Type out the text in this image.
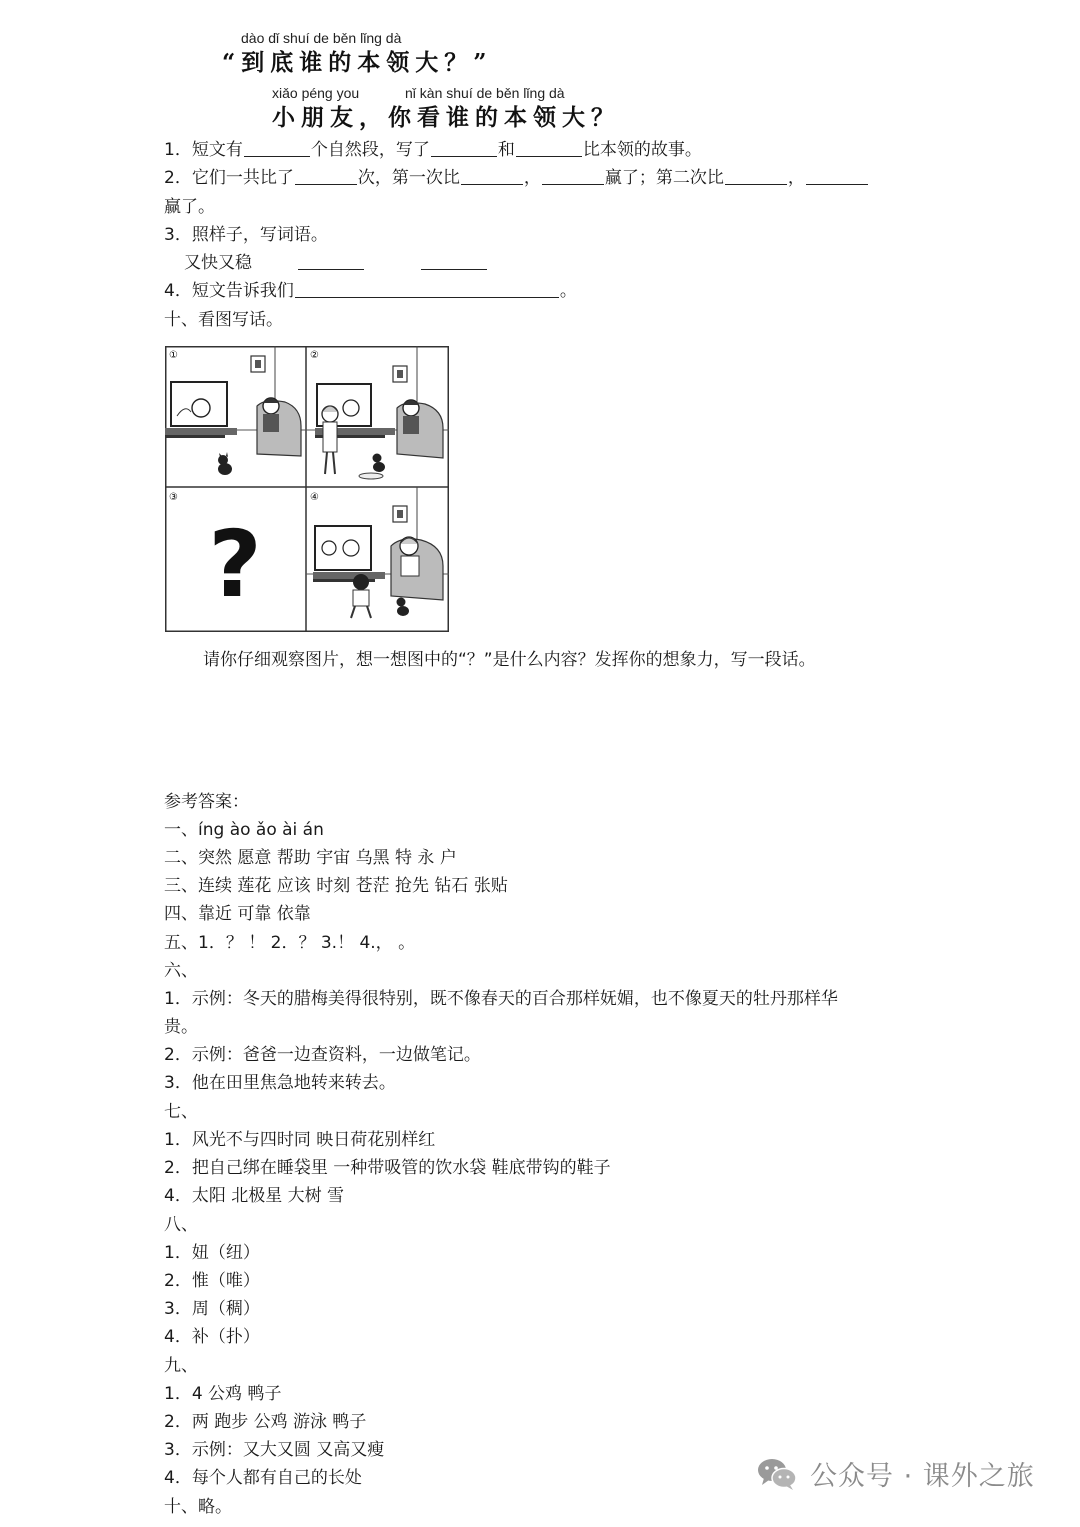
dào dǐ shuí de běn lǐng dà
“到底谁的本领大？”
xiǎo péng you	nǐ kàn shuí de běn lǐng dà
小朋友，你看谁的本领大？
1．短文有	个自然段，写了	和	比本领的故事。
2．它们一共比了	次，第一次比	，	赢了；第二次比	，
赢了。
3．照样子，写词语。
又快又稳
4．短文告诉我们	。
十、看图写话。
①	②
③
?
④
请你仔细观察图片，想一想图中的“？”是什么内容？发挥你的想象力，写一段话。
参考答案：
一、íng ào ǎo ài án
二、突然 愿意 帮助 宇宙 乌黑 特 永 户
三、连续 莲花 应该 时刻 苍茫 抢先 钻石 张贴
四、靠近 可靠 依靠
五、1．？ ！ 2．？ 3.！ 4.， 。
六、
1．示例：冬天的腊梅美得很特别，既不像春天的百合那样妩媚，也不像夏天的牡丹那样华
贵。
2．示例：爸爸一边查资料，一边做笔记。
3．他在田里焦急地转来转去。
七、
1．风光不与四时同 映日荷花别样红
2．把自己绑在睡袋里 一种带吸管的饮水袋 鞋底带钩的鞋子
4．太阳 北极星 大树 雪
八、
1．妞（纽）
2．惟（唯）
3．周（稠）
4．补（扑）
九、
1．4 公鸡 鸭子
2．两 跑步 公鸡 游泳 鸭子
3．示例：又大又圆 又高又瘦
4．每个人都有自己的长处
十、略。
公众号 · 课外之旅
